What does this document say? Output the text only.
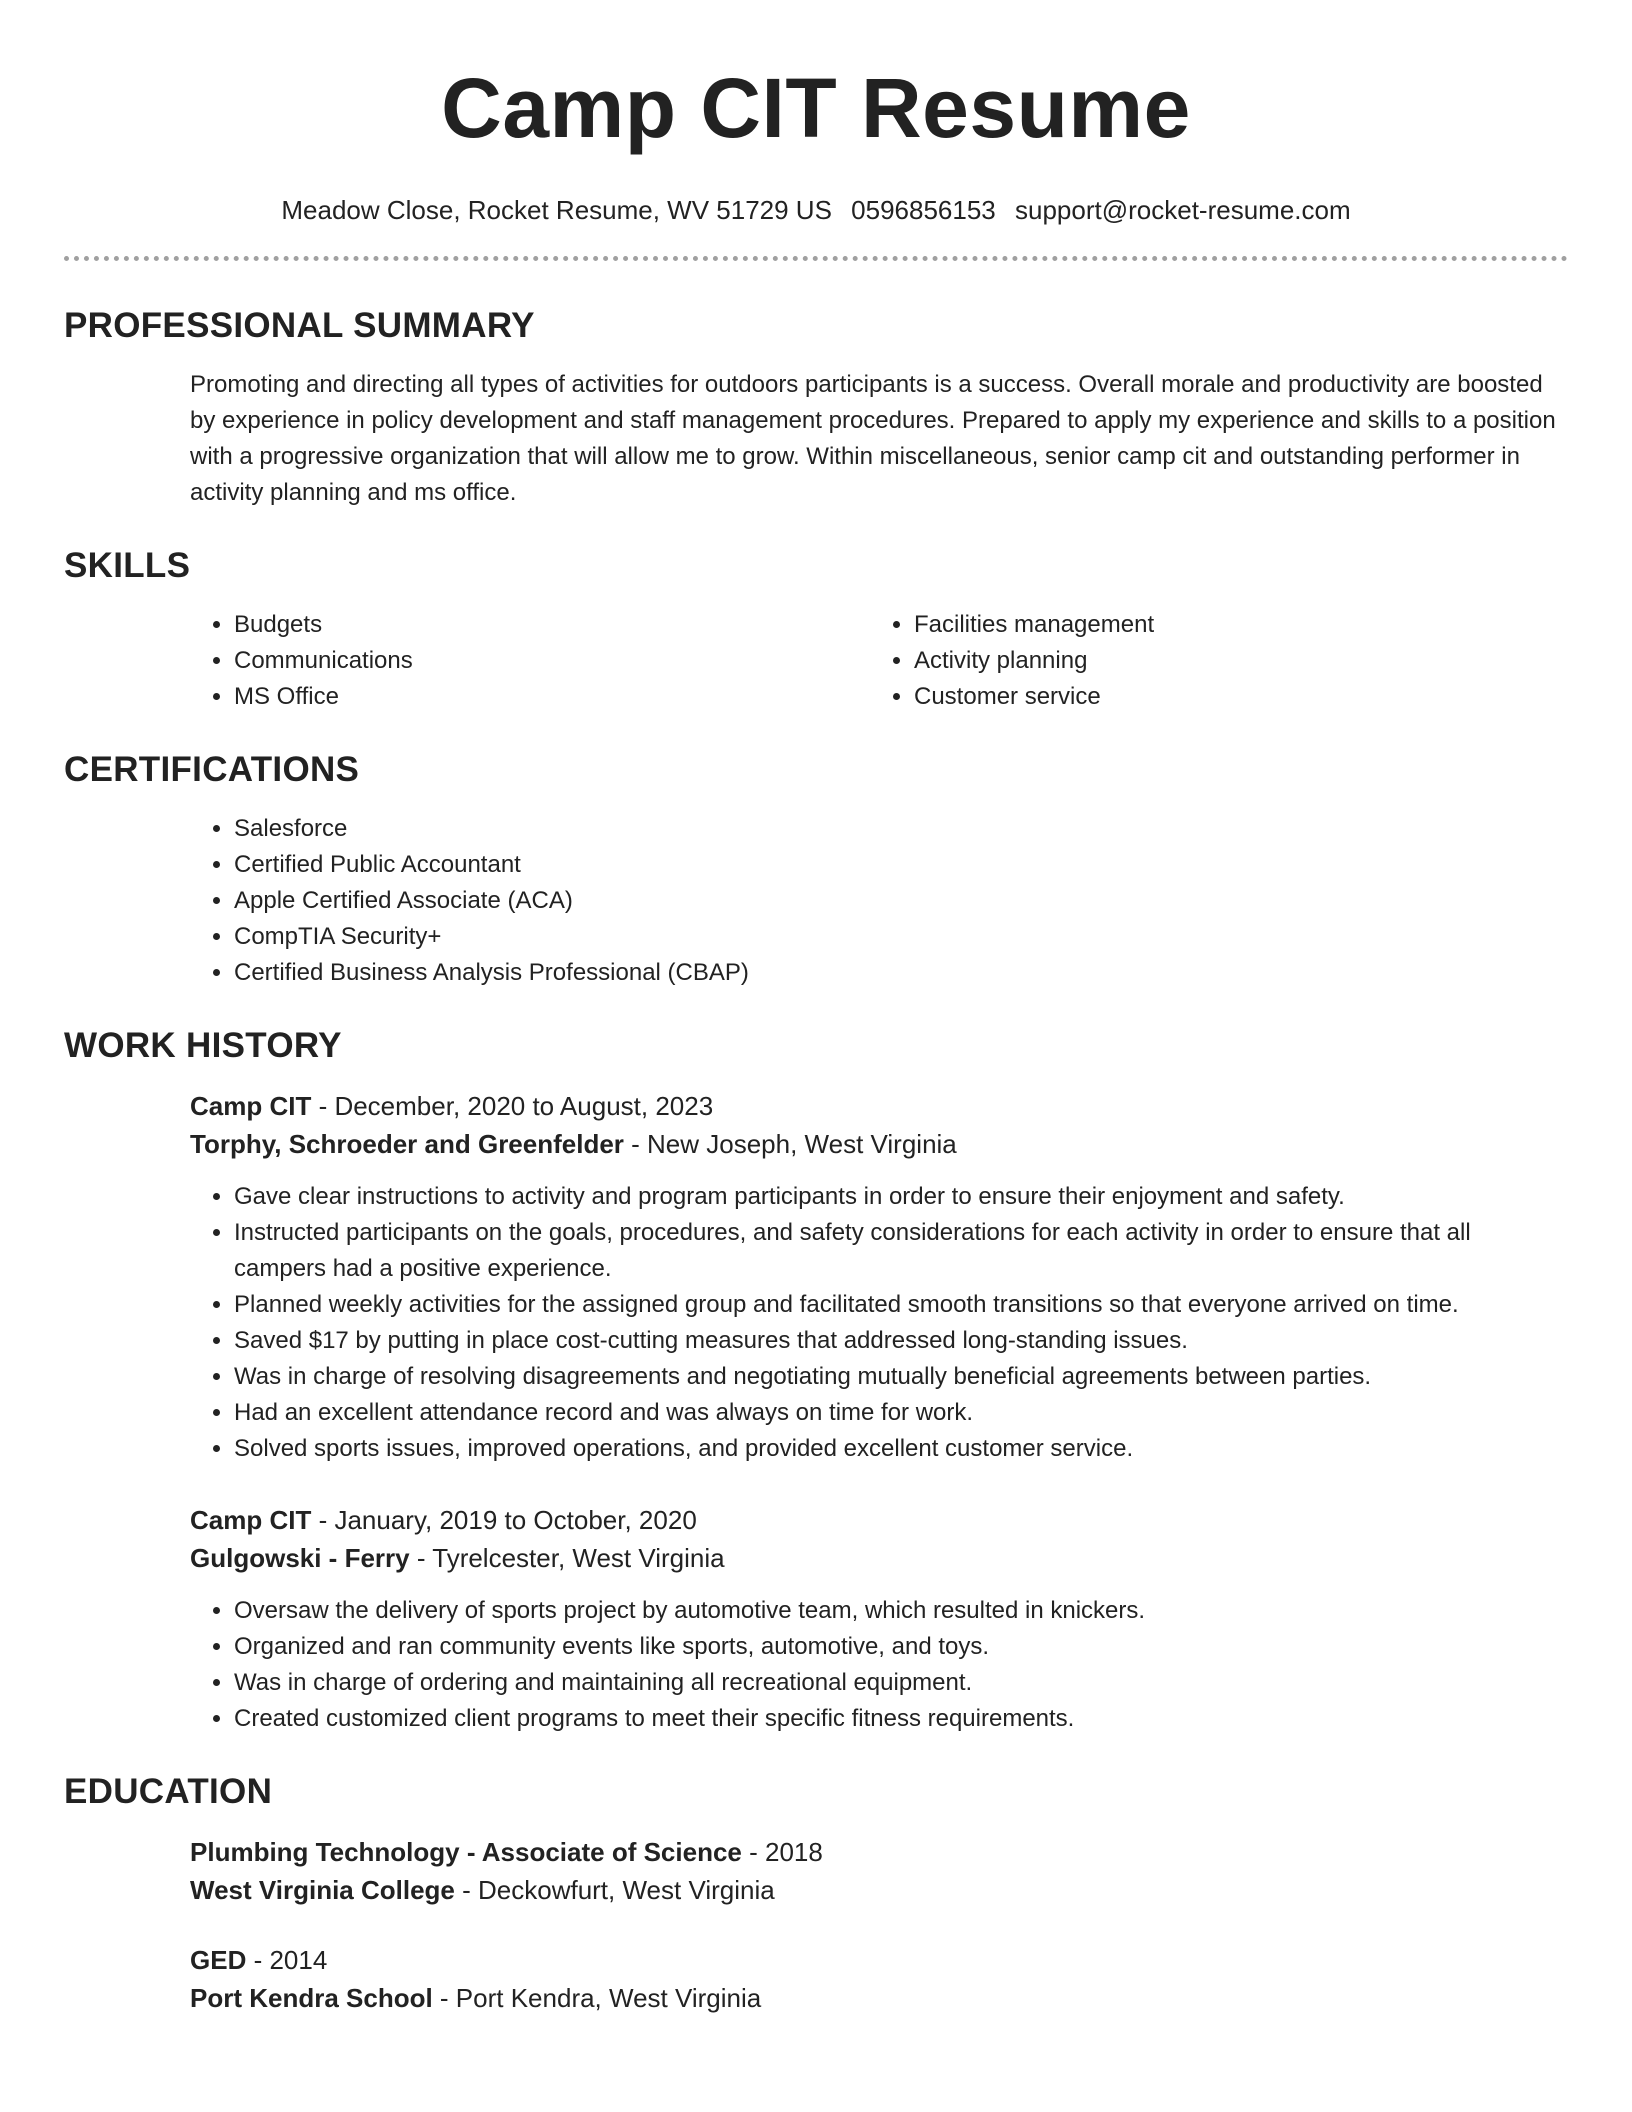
Camp CIT Resume
Meadow Close, Rocket Resume, WV 51729 US 0596856153 support@rocket-resume.com
PROFESSIONAL SUMMARY

Promoting and directing all types of activities for outdoors participants is a success. Overall morale and productivity are boosted by experience in policy development and staff management procedures. Prepared to apply my experience and skills to a position with a progressive organization that will allow me to grow. Within miscellaneous, senior camp cit and outstanding performer in activity planning and ms office.

SKILLS
• Budgets
• Communications
• MS Office
• Facilities management
• Activity planning
• Customer service
CERTIFICATIONS
• Salesforce
• Certified Public Accountant
• Apple Certified Associate (ACA)
• CompTIA Security+
• Certified Business Analysis Professional (CBAP)
WORK HISTORY
Camp CIT - December, 2020 to August, 2023
Torphy, Schroeder and Greenfelder - New Joseph, West Virginia
• Gave clear instructions to activity and program participants in order to ensure their enjoyment and safety.
• Instructed participants on the goals, procedures, and safety considerations for each activity in order to ensure that all campers had a positive experience.
• Planned weekly activities for the assigned group and facilitated smooth transitions so that everyone arrived on time.
• Saved $17 by putting in place cost-cutting measures that addressed long-standing issues.
• Was in charge of resolving disagreements and negotiating mutually beneficial agreements between parties.
• Had an excellent attendance record and was always on time for work.
• Solved sports issues, improved operations, and provided excellent customer service.
Camp CIT - January, 2019 to October, 2020
Gulgowski - Ferry - Tyrelcester, West Virginia
• Oversaw the delivery of sports project by automotive team, which resulted in knickers.
• Organized and ran community events like sports, automotive, and toys.
• Was in charge of ordering and maintaining all recreational equipment.
• Created customized client programs to meet their specific fitness requirements.
EDUCATION
Plumbing Technology - Associate of Science - 2018
West Virginia College - Deckowfurt, West Virginia
GED - 2014
Port Kendra School - Port Kendra, West Virginia
